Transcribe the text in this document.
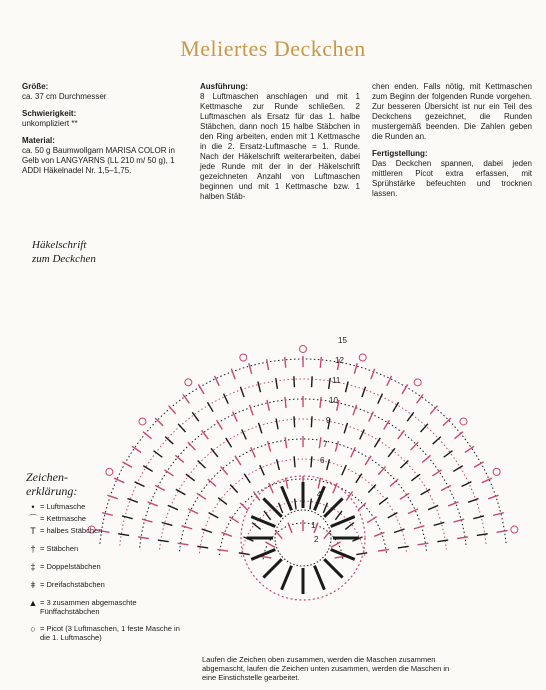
Meliertes Deckchen
Größe:
ca. 37 cm Durchmesser
Schwierigkeit:
unkompliziert **
Material:
ca. 50 g Baumwollgarn MARISA COLOR in Gelb von LANGYARNS (LL 210 m/ 50 g), 1 ADDI Häkelnadel Nr. 1,5–1,75.
Ausführung:
8 Luftmaschen anschlagen und mit 1 Kettmasche zur Runde schließen. 2 Luftmaschen als Ersatz für das 1. halbe Stäbchen, dann noch 15 halbe Stäbchen in den Ring arbeiten, enden mit 1 Kettmasche in die 2. Ersatz-Luftmasche = 1. Runde. Nach der Häkelschrift weiterarbeiten, dabei jede Runde mit der in der Häkelschrift gezeichneten Anzahl von Luftmaschen beginnen und mit 1 Kettmasche bzw. 1 halben Stäb-
chen enden. Falls nötig, mit Kettmaschen zum Beginn der folgenden Runde vorgehen. Zur besseren Übersicht ist nur ein Teil des Deckchens gezeichnet, die Runden mustergemäß beenden. Die Zahlen geben die Runden an.
Fertigstellung:
Das Deckchen spannen, dabei jeden mittleren Picot extra erfassen, mit Sprühstärke befeuchten und trocknen lassen.
Häkelschrift
zum Deckchen
1
2
4
6
7
9
10
11
12
15
Zeichen-
erklärung:
• = Luftmasche
⌒ = Kettmasche
T = halbes Stäbchen
† = Stäbchen
‡ = Doppelstäbchen
ǂ = Dreifachstäbchen
▲ = 3 zusammen abgemaschte Fünffachstäbchen
○ = Picot (3 Luftmaschen, 1 feste Masche in die 1. Luftmasche)
Laufen die Zeichen oben zusammen, werden die Maschen zusammen abgemascht, laufen die Zeichen unten zusammen, werden die Maschen in eine Einstichstelle gearbeitet.
